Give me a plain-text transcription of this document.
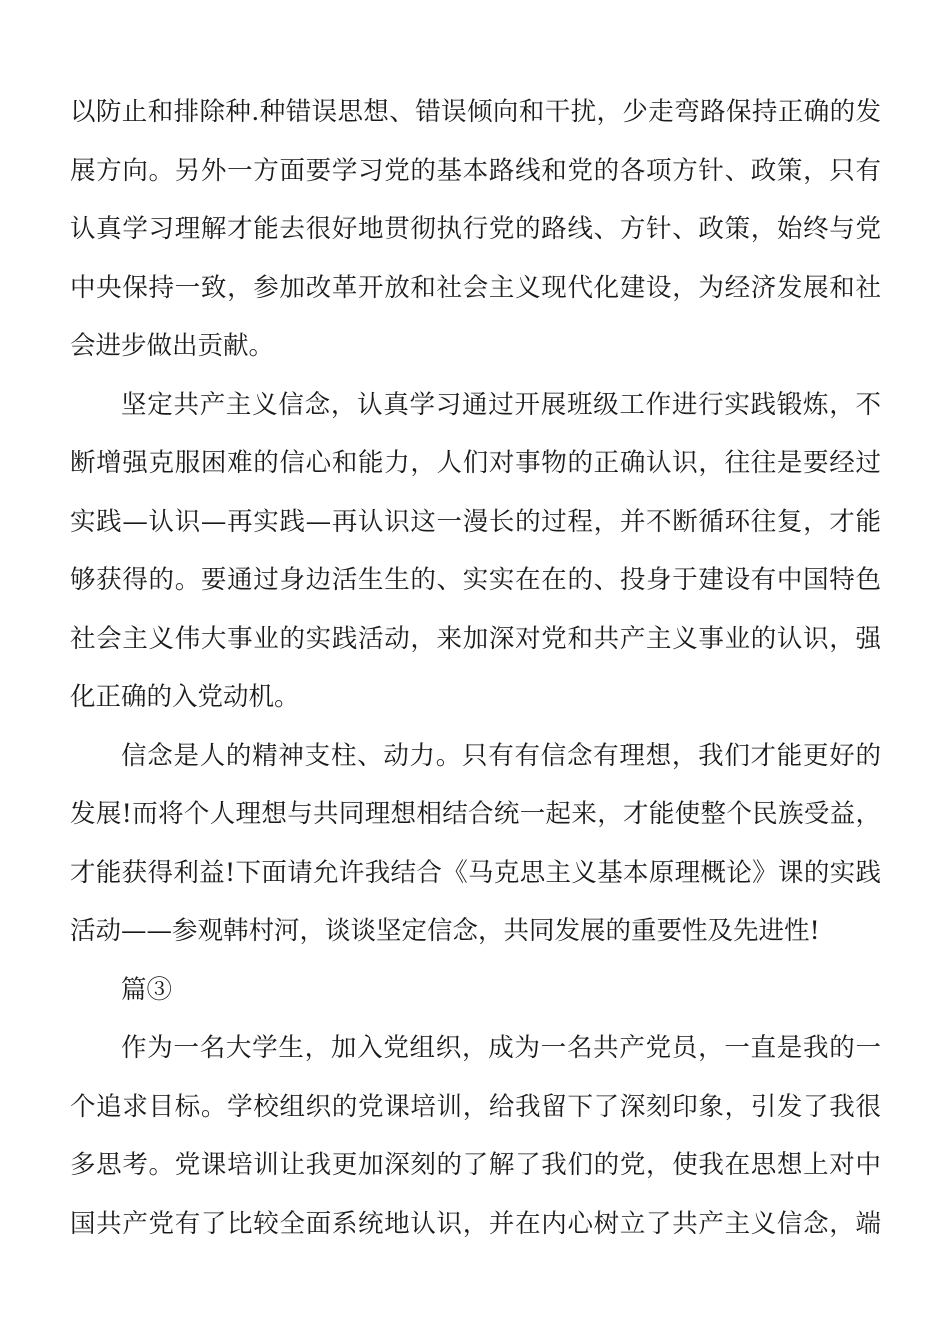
以防止和排除种.种错误思想、错误倾向和干扰，少走弯路保持正确的发
展方向。另外一方面要学习党的基本路线和党的各项方针、政策，只有
认真学习理解才能去很好地贯彻执行党的路线、方针、政策，始终与党
中央保持一致，参加改革开放和社会主义现代化建设，为经济发展和社
会进步做出贡献。
坚定共产主义信念，认真学习通过开展班级工作进行实践锻炼，不
断增强克服困难的信心和能力，人们对事物的正确认识，往往是要经过
实践—认识—再实践—再认识这一漫长的过程，并不断循环往复，才能
够获得的。要通过身边活生生的、实实在在的、投身于建设有中国特色
社会主义伟大事业的实践活动，来加深对党和共产主义事业的认识，强
化正确的入党动机。
信念是人的精神支柱、动力。只有有信念有理想，我们才能更好的
发展!而将个人理想与共同理想相结合统一起来，才能使整个民族受益，
才能获得利益!下面请允许我结合《马克思主义基本原理概论》课的实践
活动——参观韩村河，谈谈坚定信念，共同发展的重要性及先进性!
篇③
作为一名大学生，加入党组织，成为一名共产党员，一直是我的一
个追求目标。学校组织的党课培训，给我留下了深刻印象，引发了我很
多思考。党课培训让我更加深刻的了解了我们的党，使我在思想上对中
国共产党有了比较全面系统地认识，并在内心树立了共产主义信念，端
